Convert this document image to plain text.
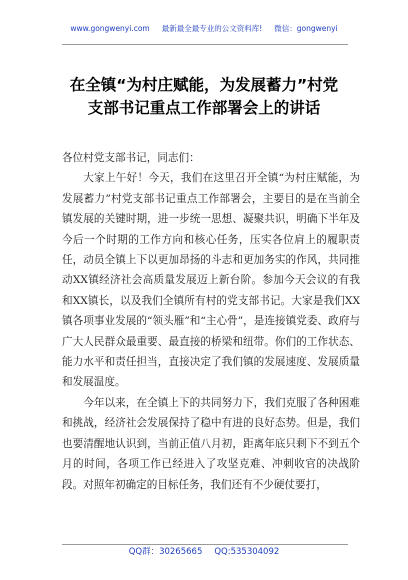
www.gongwenyi.com 最新最全最专业的公文资料库! 微信：gongwenyi
在全镇“为村庄赋能，为发展蓄力”村党
支部书记重点工作部署会上的讲话

各位村党支部书记，同志们：

大家上午好！今天，我们在这里召开全镇“为村庄赋能，为发展蓄力”村党支部书记重点工作部署会，主要目的是在当前全镇发展的关键时期，进一步统一思想、凝聚共识，明确下半年及今后一个时期的工作方向和核心任务，压实各位肩上的履职责任，动员全镇上下以更加昂扬的斗志和更加务实的作风，共同推动XX镇经济社会高质量发展迈上新台阶。参加今天会议的有我和XX镇长，以及我们全镇所有村的党支部书记。大家是我们XX镇各项事业发展的“领头雁”和“主心骨”，是连接镇党委、政府与广大人民群众最重要、最直接的桥梁和纽带。你们的工作状态、能力水平和责任担当，直接决定了我们镇的发展速度、发展质量和发展温度。

今年以来，在全镇上下的共同努力下，我们克服了各种困难和挑战，经济社会发展保持了稳中有进的良好态势。但是，我们也要清醒地认识到，当前正值八月初，距离年底只剩下不到五个月的时间，各项工作已经进入了攻坚克难、冲刺收官的决战阶段。对照年初确定的目标任务，我们还有不少硬仗要打，

QQ群：30265665 QQ:535304092
